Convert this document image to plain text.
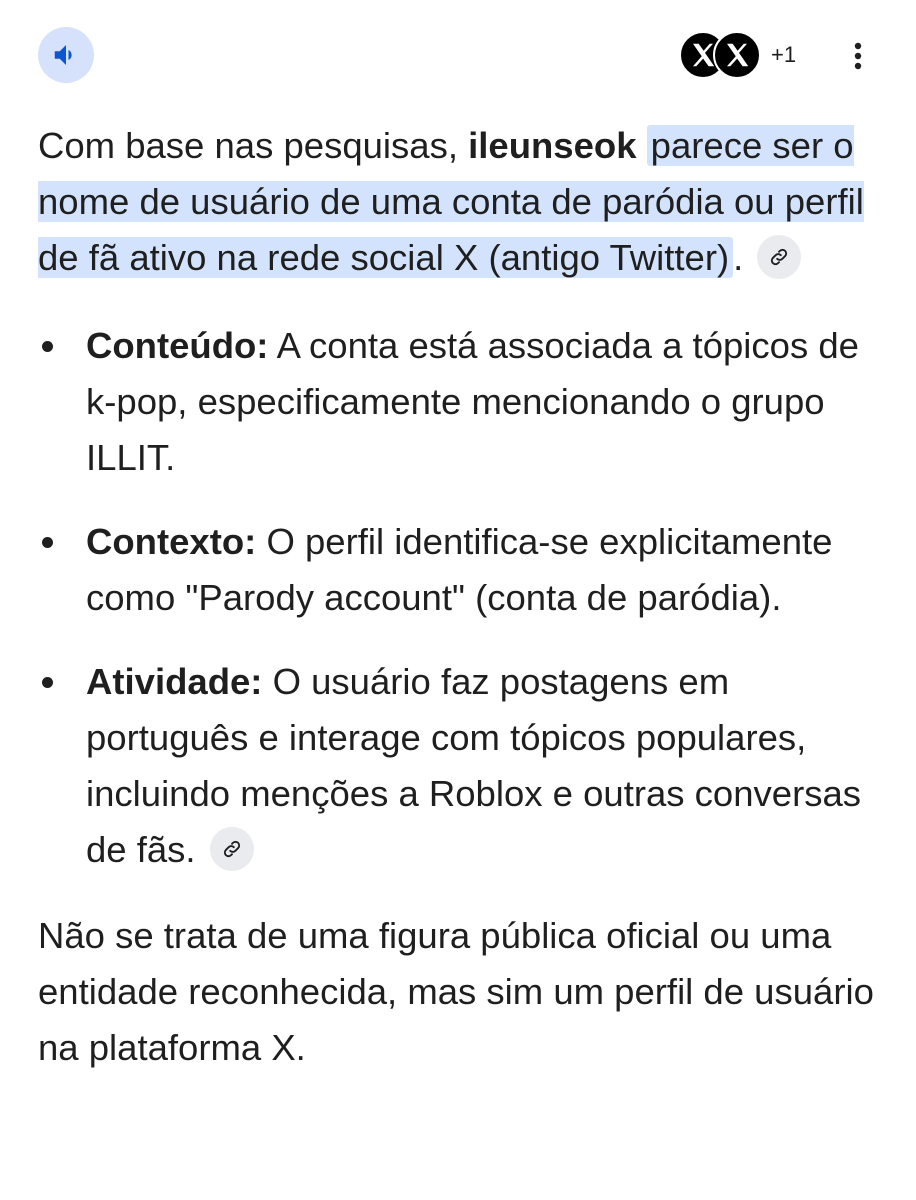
+1

Com base nas pesquisas, ileunseok parece ser o nome de usuário de uma conta de paródia ou perfil de fã ativo na rede social X (antigo Twitter) .

Conteúdo: A conta está associada a tópicos de k-pop, especificamente mencionando o grupo ILLIT.
Contexto: O perfil identifica-se explicitamente como "Parody account" (conta de paródia).
Atividade: O usuário faz postagens em português e interage com tópicos populares, incluindo menções a Roblox e outras conversas de fãs.

Não se trata de uma figura pública oficial ou uma entidade reconhecida, mas sim um perfil de usuário na plataforma X.
